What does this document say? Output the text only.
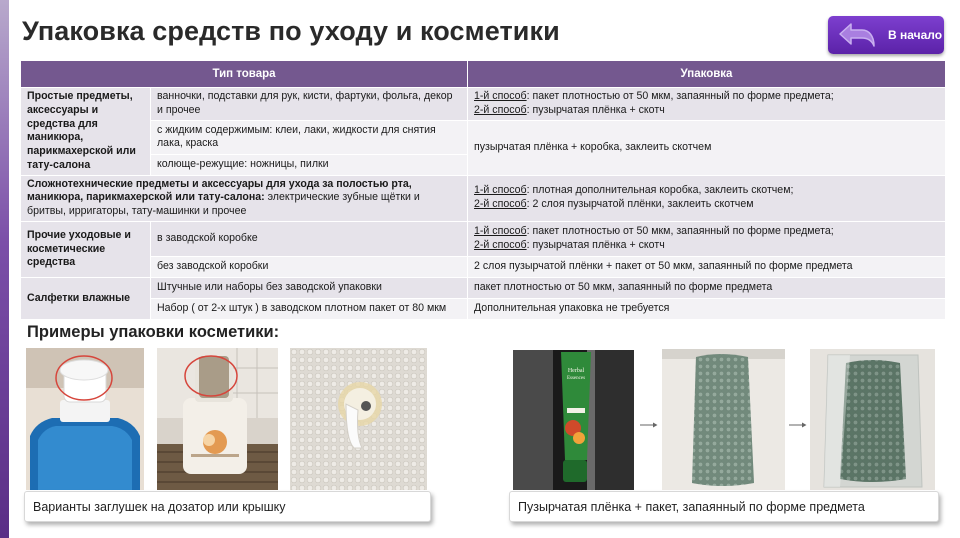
Упаковка средств по уходу и косметики	В начало
Тип товара		Упаковка
Простые предметы, аксессуары и средства для маникюра, парикмахерской или тату-салона	ванночки, подставки для рук, кисти, фартуки, фольга, декор и прочее	1-й способ: пакет плотностью от 50 мкм, запаянный по форме предмета;
2-й способ: пузырчатая плёнка + скотч

	с жидким содержимым: клеи, лаки, жидкости для снятия лака, краска	пузырчатая плёнка + коробка, заклеить скотчем
	колюще-режущие: ножницы, пилки	
Сложнотехнические предметы и аксессуары для ухода за полостью рта, маникюра, парикмахерской или тату-салона: электрические зубные щётки и бритвы, ирригаторы, тату-машинки и прочее		1-й способ: плотная дополнительная коробка, заклеить скотчем;
2-й способ: 2 слоя пузырчатой плёнки, заклеить скотчем

Прочие уходовые и косметические средства	в заводской коробке	1-й способ: пакет плотностью от 50 мкм, запаянный по форме предмета;
2-й способ: пузырчатая плёнка + скотч

	без заводской коробки	2 слоя пузырчатой плёнки + пакет от 50 мкм, запаянный по форме предмета
Салфетки влажные	Штучные или наборы без заводской упаковки	пакет плотностью от 50 мкм, запаянный по форме предмета
	Набор ( от 2-х штук ) в заводском плотном пакет от 80 мкм	Дополнительная упаковка не требуется
Примеры упаковки косметики:
Herbal
Essences
Варианты заглушек на дозатор или крышку	Пузырчатая плёнка + пакет, запаянный по форме предмета
